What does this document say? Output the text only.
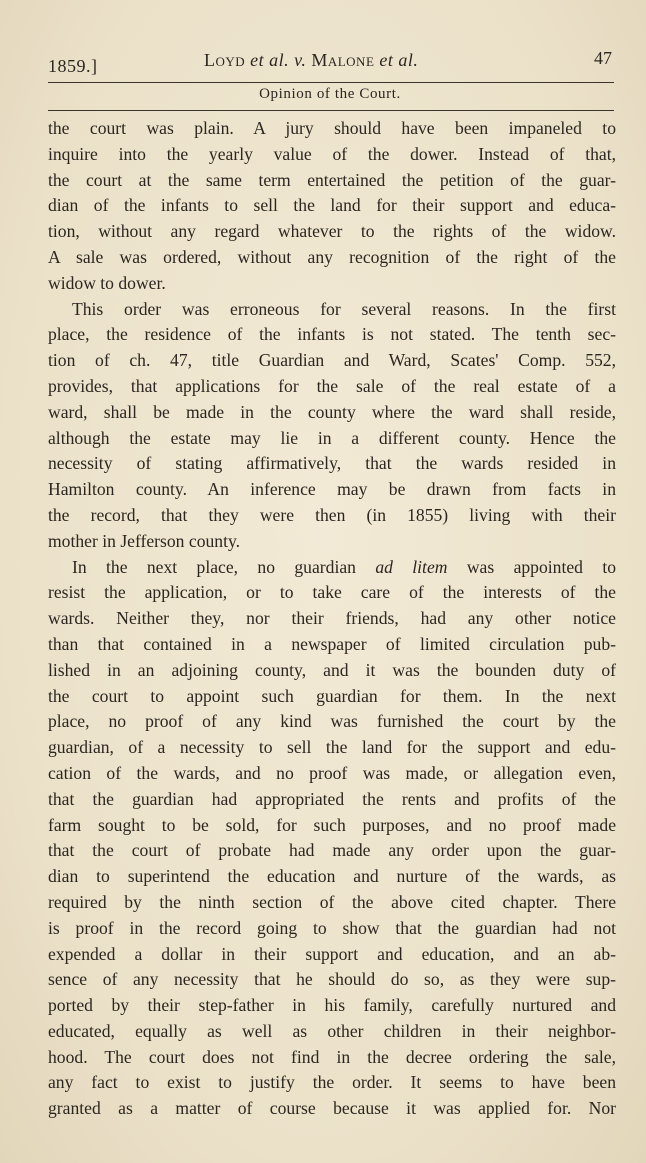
1859.]	Loyd et al. v. Malone et al.	47
Opinion of the Court.
the court was plain. A jury should have been impaneled to
inquire into the yearly value of the dower. Instead of that,
the court at the same term entertained the petition of the guar-
dian of the infants to sell the land for their support and educa-
tion, without any regard whatever to the rights of the widow.
A sale was ordered, without any recognition of the right of the
widow to dower.
This order was erroneous for several reasons. In the first
place, the residence of the infants is not stated. The tenth sec-
tion of ch. 47, title Guardian and Ward, Scates' Comp. 552,
provides, that applications for the sale of the real estate of a
ward, shall be made in the county where the ward shall reside,
although the estate may lie in a different county. Hence the
necessity of stating affirmatively, that the wards resided in
Hamilton county. An inference may be drawn from facts in
the record, that they were then (in 1855) living with their
mother in Jefferson county.
In the next place, no guardian ad litem was appointed to
resist the application, or to take care of the interests of the
wards. Neither they, nor their friends, had any other notice
than that contained in a newspaper of limited circulation pub-
lished in an adjoining county, and it was the bounden duty of
the court to appoint such guardian for them. In the next
place, no proof of any kind was furnished the court by the
guardian, of a necessity to sell the land for the support and edu-
cation of the wards, and no proof was made, or allegation even,
that the guardian had appropriated the rents and profits of the
farm sought to be sold, for such purposes, and no proof made
that the court of probate had made any order upon the guar-
dian to superintend the education and nurture of the wards, as
required by the ninth section of the above cited chapter. There
is proof in the record going to show that the guardian had not
expended a dollar in their support and education, and an ab-
sence of any necessity that he should do so, as they were sup-
ported by their step-father in his family, carefully nurtured and
educated, equally as well as other children in their neighbor-
hood. The court does not find in the decree ordering the sale,
any fact to exist to justify the order. It seems to have been
granted as a matter of course because it was applied for. Nor
